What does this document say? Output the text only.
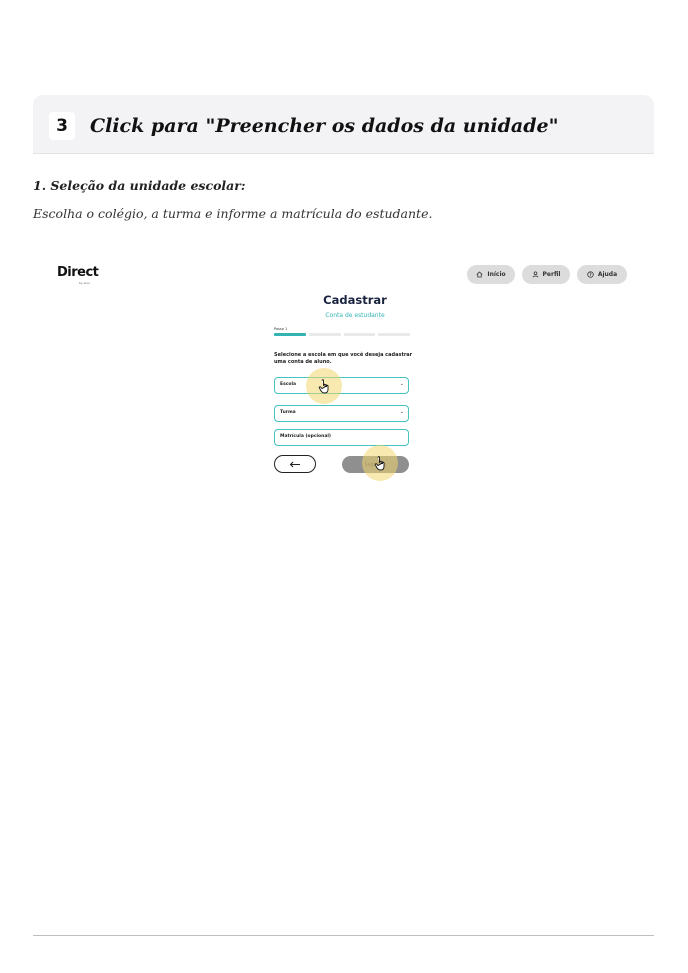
3	Click para "Preencher os dados da unidade"
1. Seleção da unidade escolar:
Escolha o colégio, a turma e informe a matrícula do estudante.
Direct
by arco
Início	Perfil	? Ajuda
Cadastrar
Conta de estudante
Passo 1
Selecione a escola em que você deseja cadastrar uma conta de aluno.
Escola	⌄
Turma	⌄
Matrícula (opcional)
